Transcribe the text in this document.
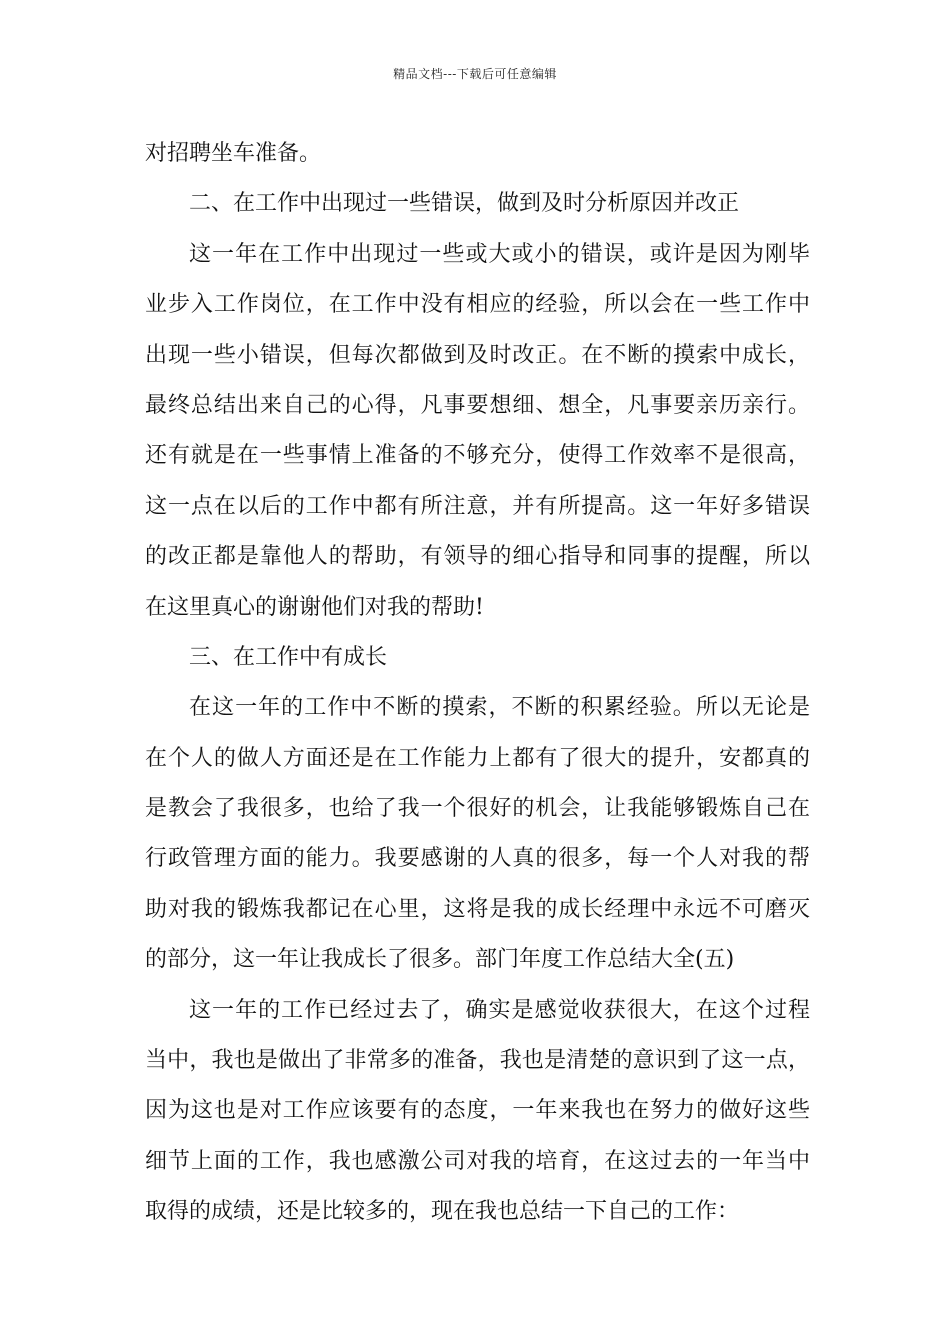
精品文档---下载后可任意编辑
对招聘坐车准备。
二、在工作中出现过一些错误，做到及时分析原因并改正
这一年在工作中出现过一些或大或小的错误，或许是因为刚毕
业步入工作岗位，在工作中没有相应的经验，所以会在一些工作中
出现一些小错误，但每次都做到及时改正。在不断的摸索中成长，
最终总结出来自己的心得，凡事要想细、想全，凡事要亲历亲行。
还有就是在一些事情上准备的不够充分，使得工作效率不是很高，
这一点在以后的工作中都有所注意，并有所提高。这一年好多错误
的改正都是靠他人的帮助，有领导的细心指导和同事的提醒，所以
在这里真心的谢谢他们对我的帮助!
三、在工作中有成长
在这一年的工作中不断的摸索，不断的积累经验。所以无论是
在个人的做人方面还是在工作能力上都有了很大的提升，安都真的
是教会了我很多，也给了我一个很好的机会，让我能够锻炼自己在
行政管理方面的能力。我要感谢的人真的很多，每一个人对我的帮
助对我的锻炼我都记在心里，这将是我的成长经理中永远不可磨灭
的部分，这一年让我成长了很多。部门年度工作总结大全(五)
这一年的工作已经过去了，确实是感觉收获很大，在这个过程
当中，我也是做出了非常多的准备，我也是清楚的意识到了这一点，
因为这也是对工作应该要有的态度，一年来我也在努力的做好这些
细节上面的工作，我也感激公司对我的培育，在这过去的一年当中
取得的成绩，还是比较多的，现在我也总结一下自己的工作：
